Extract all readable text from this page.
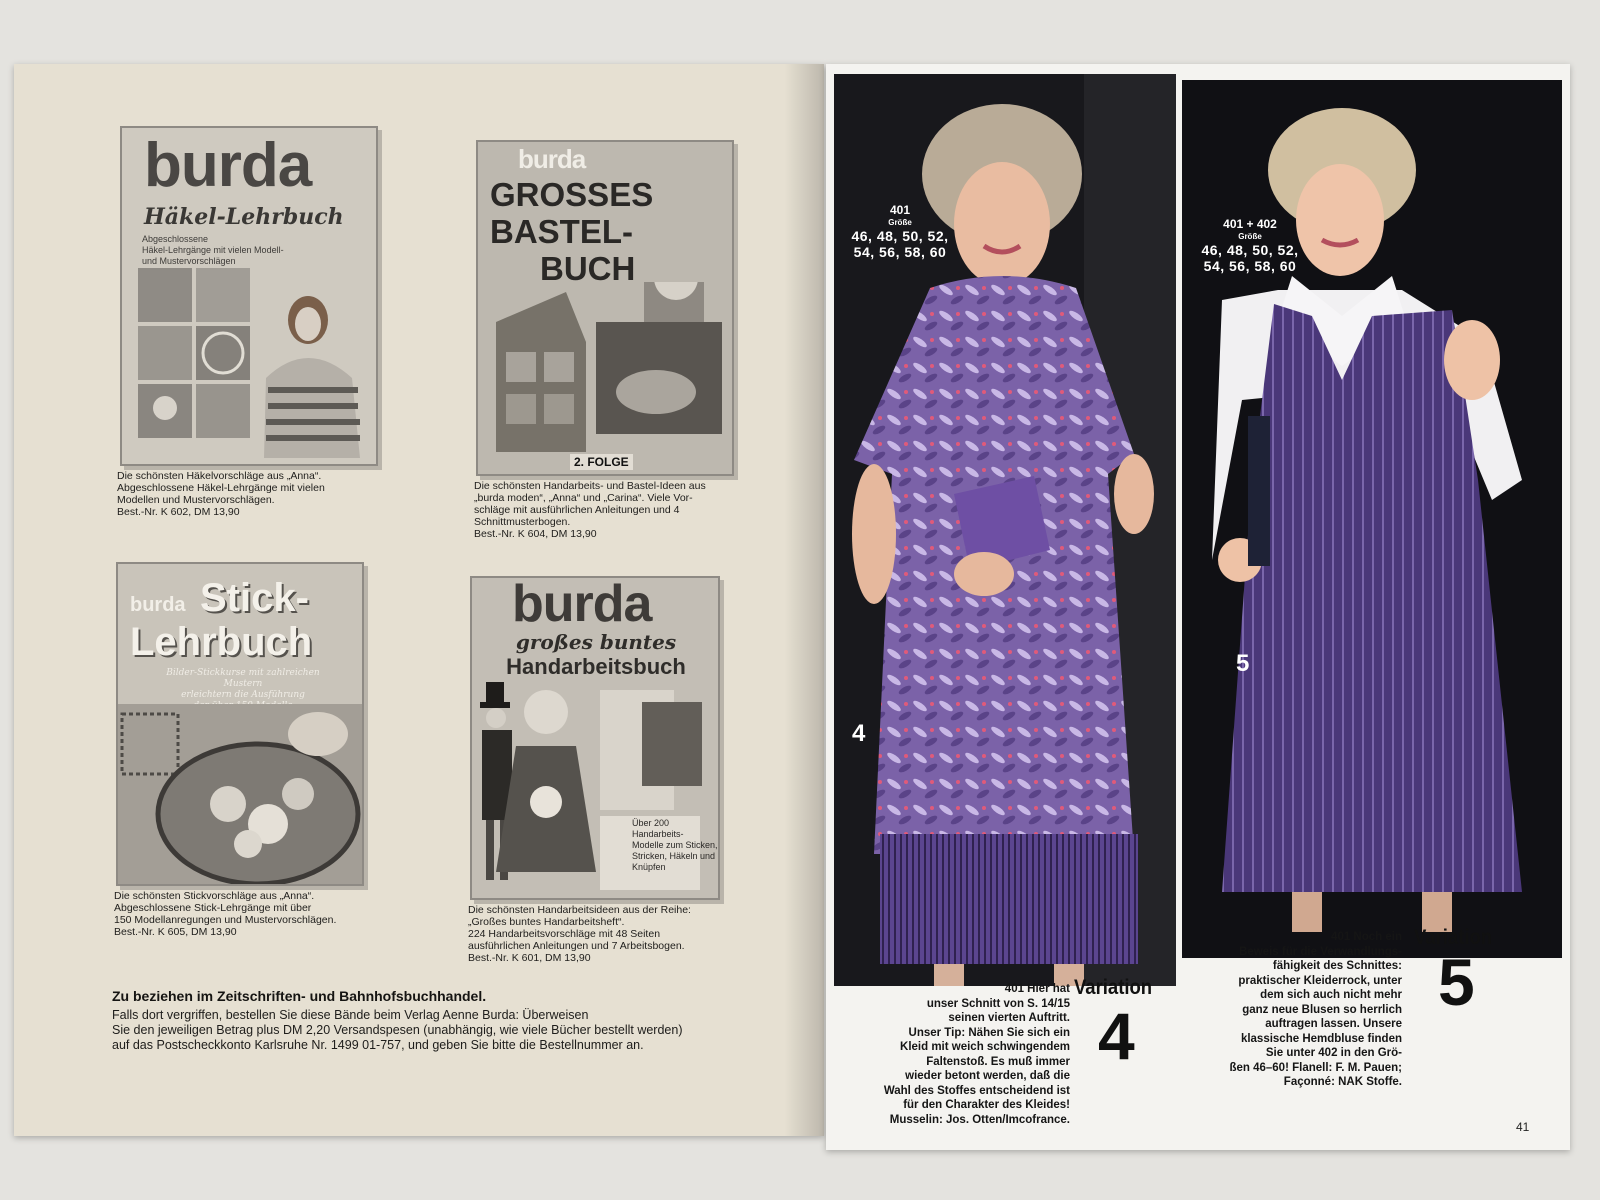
burda
Häkel-Lehrbuch
Abgeschlossene
Häkel-Lehrgänge mit vielen Modell-
und Mustervorschlägen
Die schönsten Häkelvorschläge aus „Anna“.
Abgeschlossene Häkel-Lehrgänge mit vielen
Modellen und Mustervorschlägen.
Best.-Nr. K 602, DM 13,90
burda
GROSSES
BASTEL-
BUCH
2. FOLGE
Die schönsten Handarbeits- und Bastel-Ideen aus
„burda moden“, „Anna“ und „Carina“. Viele Vor-
schläge mit ausführlichen Anleitungen und 4
Schnittmusterbogen.
Best.-Nr. K 604, DM 13,90
burda Stick-
Lehrbuch
Bilder-Stickkurse mit zahlreichen Mustern
erleichtern die Ausführung
Die schönsten Stickvorschläge aus „Anna“.
Abgeschlossene Stick-Lehrgänge mit über
150 Modellanregungen und Mustervorschlägen.
Best.-Nr. K 605, DM 13,90
burda
großes buntes
Handarbeitsbuch
Über 200
Handarbeits-
Modelle zum Sticken,
Stricken, Häkeln und
Knüpfen
Die schönsten Handarbeitsideen aus der Reihe:
„Großes buntes Handarbeitsheft“.
224 Handarbeitsvorschläge mit 48 Seiten
ausführlichen Anleitungen und 7 Arbeitsbogen.
Best.-Nr. K 601, DM 13,90
Zu beziehen im Zeitschriften- und Bahnhofsbuchhandel.
Falls dort vergriffen, bestellen Sie diese Bände beim Verlag Aenne Burda: Überweisen
Sie den jeweiligen Betrag plus DM 2,20 Versandspesen (unabhängig, wie viele Bücher bestellt werden)
auf das Postscheckkonto Karlsruhe Nr. 1499 01-757, und geben Sie bitte die Bestellnummer an.
401
Größe
46, 48, 50, 52,
54, 56, 58, 60
4
401 + 402
Größe
46, 48, 50, 52,
54, 56, 58, 60
5
Variation
4
401 Hier hat
unser Schnitt von S. 14/15
seinen vierten Auftritt.
Unser Tip: Nähen Sie sich ein
Kleid mit weich schwingendem
Faltenstoß. Es muß immer
wieder betont werden, daß die
Wahl des Stoffes entscheidend ist
für den Charakter des Kleides!
Musselin: Jos. Otten/Imcofrance.
Variation
5
401 Noch ein
Beweis für die Verwandlungs-
fähigkeit des Schnittes:
praktischer Kleiderrock, unter
dem sich auch nicht mehr
ganz neue Blusen so herrlich
auftragen lassen. Unsere
klassische Hemdbluse finden
Sie unter 402 in den Grö-
ßen 46–60! Flanell: F. M. Pauen;
Façonné: NAK Stoffe.
41
